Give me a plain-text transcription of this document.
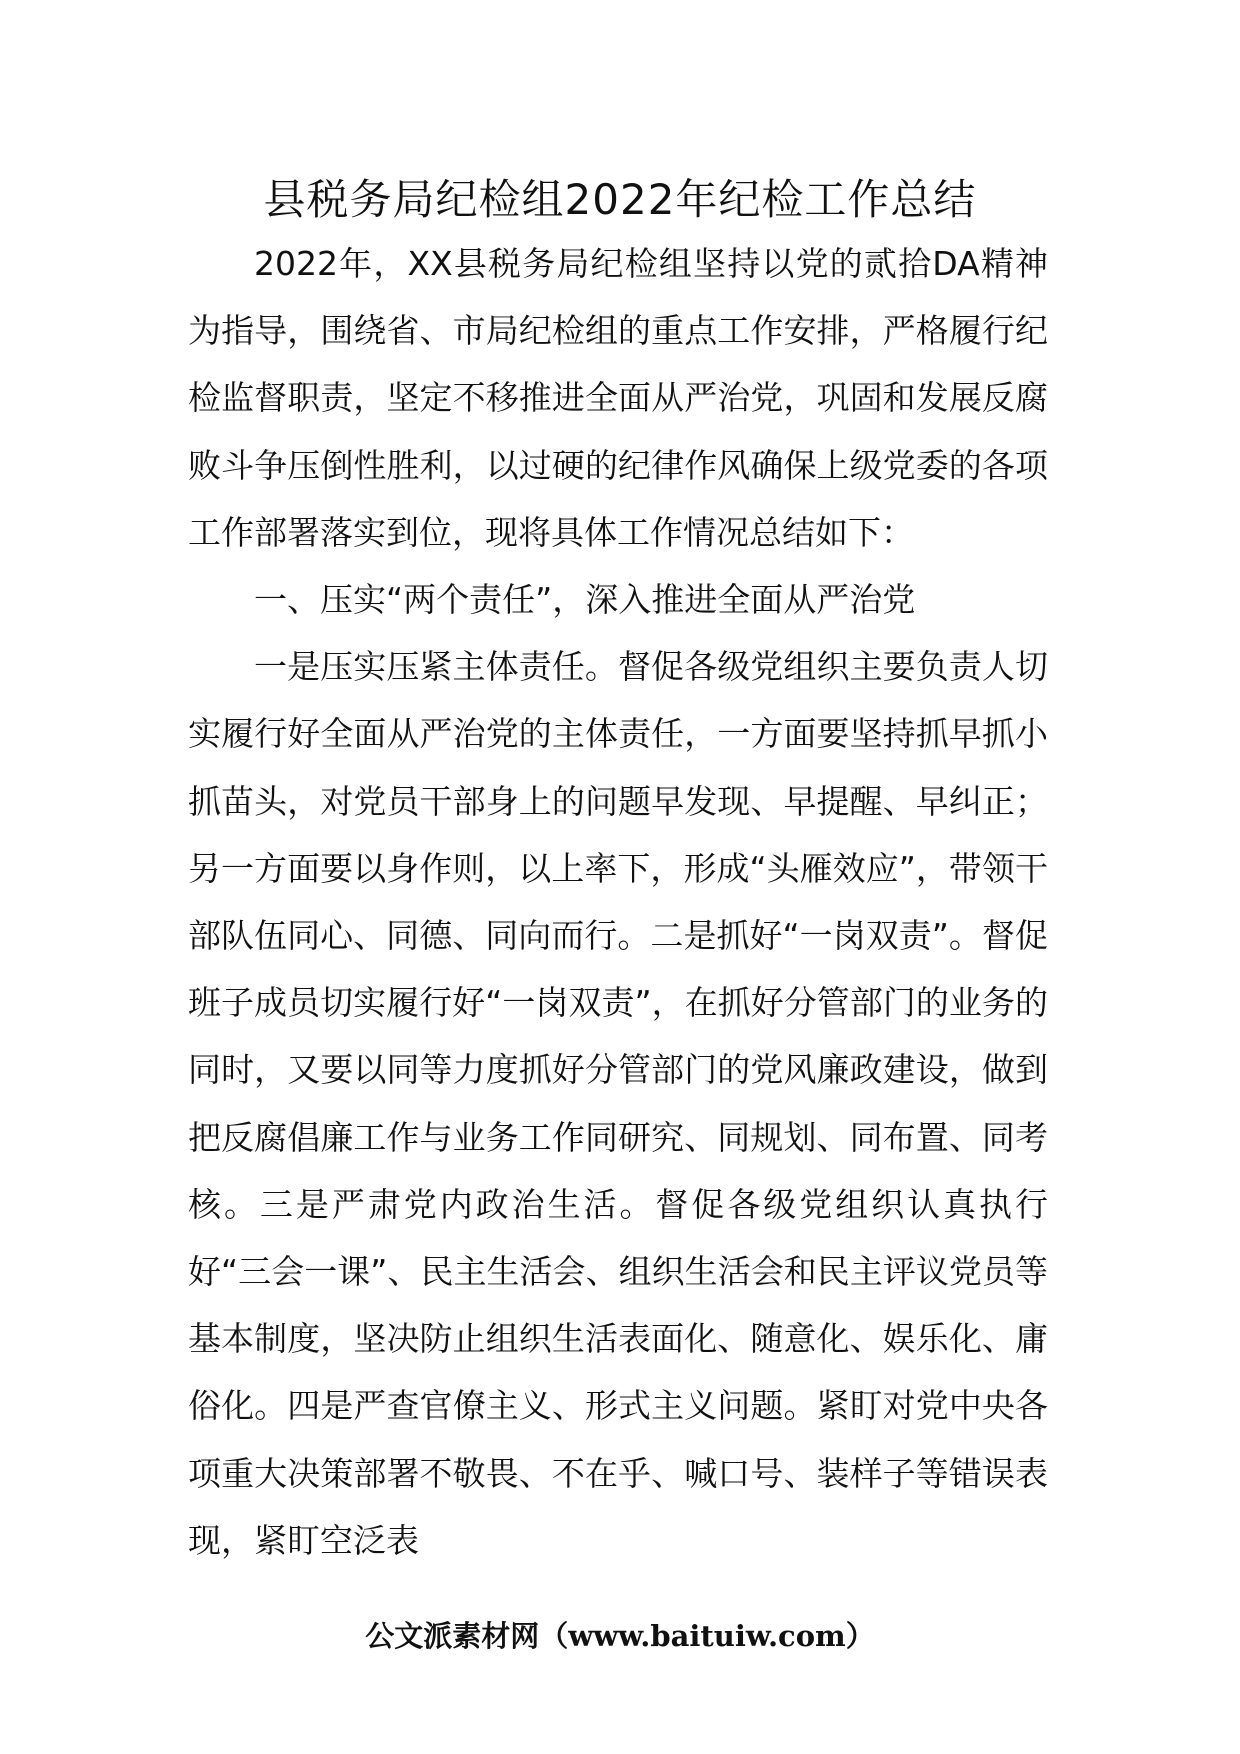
县税务局纪检组2022年纪检工作总结

2022年，XX县税务局纪检组坚持以党的贰拾DA精神为指导，围绕省、市局纪检组的重点工作安排，严格履行纪检监督职责，坚定不移推进全面从严治党，巩固和发展反腐败斗争压倒性胜利，以过硬的纪律作风确保上级党委的各项工作部署落实到位，现将具体工作情况总结如下：

一、压实“两个责任”，深入推进全面从严治党

一是压实压紧主体责任。督促各级党组织主要负责人切实履行好全面从严治党的主体责任，一方面要坚持抓早抓小抓苗头，对党员干部身上的问题早发现、早提醒、早纠正；另一方面要以身作则，以上率下，形成“头雁效应”，带领干部队伍同心、同德、同向而行。二是抓好“一岗双责”。督促班子成员切实履行好“一岗双责”，在抓好分管部门的业务的同时，又要以同等力度抓好分管部门的党风廉政建设，做到把反腐倡廉工作与业务工作同研究、同规划、同布置、同考核。三是严肃党内政治生活。督促各级党组织认真执行好“三会一课”、民主生活会、组织生活会和民主评议党员等基本制度，坚决防止组织生活表面化、随意化、娱乐化、庸俗化。四是严查官僚主义、形式主义问题。紧盯对党中央各项重大决策部署不敬畏、不在乎、喊口号、装样子等错误表现，紧盯空泛表

公文派素材网（www.baituiw.com）
